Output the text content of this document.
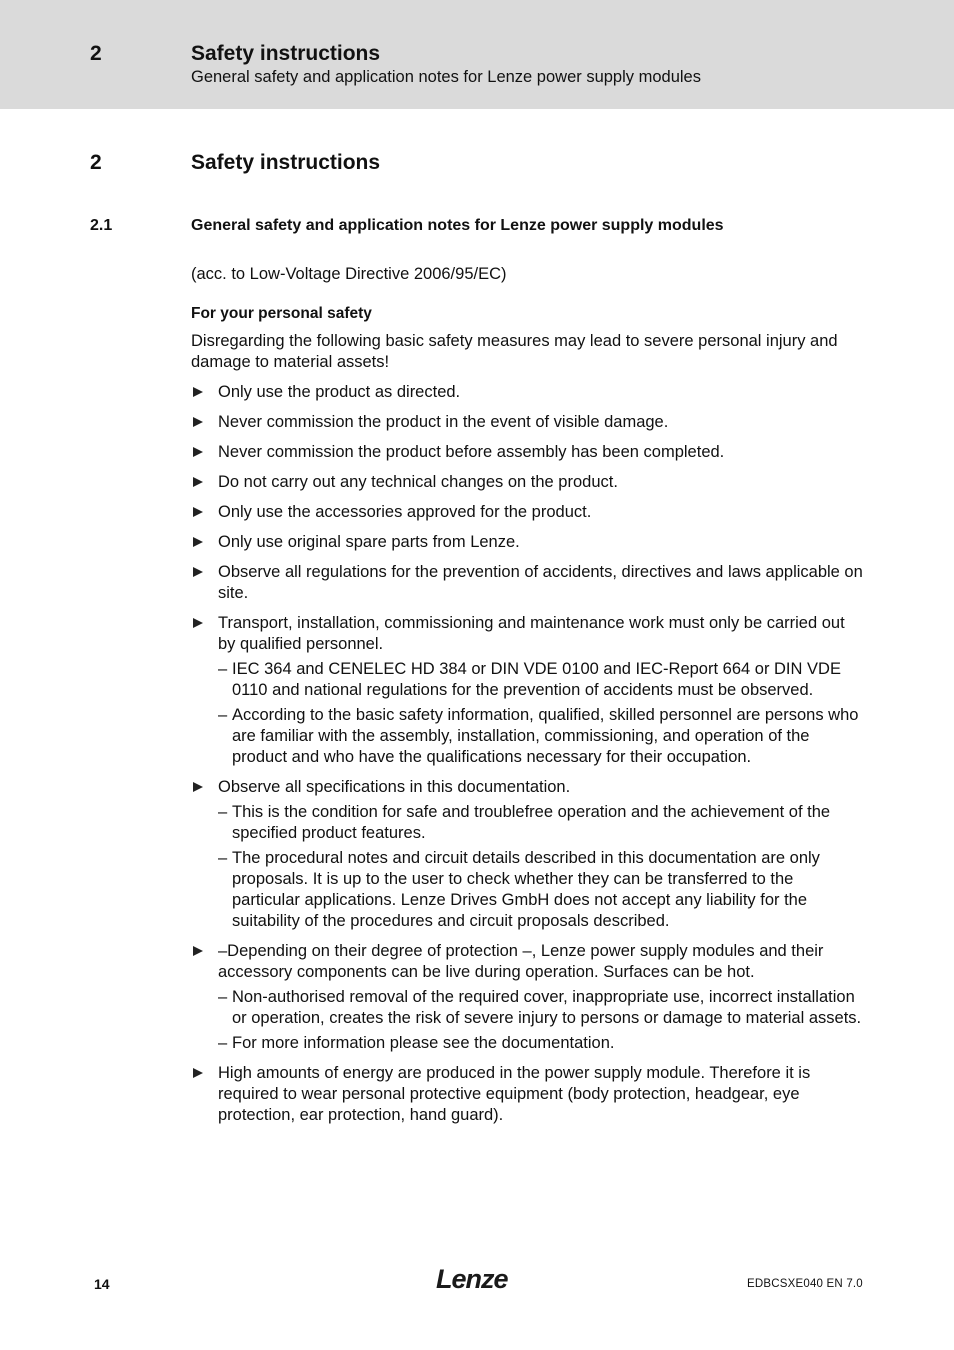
2	Safety instructions
General safety and application notes for Lenze power supply modules
2	Safety instructions
2.1	General safety and application notes for Lenze power supply modules

(acc. to Low-Voltage Directive 2006/95/EC)

For your personal safety

Disregarding the following basic safety measures may lead to severe personal injury and damage to material assets!

Only use the product as directed.
Never commission the product in the event of visible damage.
Never commission the product before assembly has been completed.
Do not carry out any technical changes on the product.
Only use the accessories approved for the product.
Only use original spare parts from Lenze.
Observe all regulations for the prevention of accidents, directives and laws applicable on site.
Transport, installation, commissioning and maintenance work must only be carried out by qualified personnel.
– IEC 364 and CENELEC HD 384 or DIN VDE 0100 and IEC-Report 664 or DIN VDE 0110 and national regulations for the prevention of accidents must be observed.
– According to the basic safety information, qualified, skilled personnel are persons who are familiar with the assembly, installation, commissioning, and operation of the product and who have the qualifications necessary for their occupation.
Observe all specifications in this documentation.
– This is the condition for safe and troublefree operation and the achievement of the specified product features.
– The procedural notes and circuit details described in this documentation are only proposals. It is up to the user to check whether they can be transferred to the particular applications. Lenze Drives GmbH does not accept any liability for the suitability of the procedures and circuit proposals described.
–Depending on their degree of protection –, Lenze power supply modules and their accessory components can be live during operation. Surfaces can be hot.
– Non-authorised removal of the required cover, inappropriate use, incorrect installation or operation, creates the risk of severe injury to persons or damage to material assets.
– For more information please see the documentation.
High amounts of energy are produced in the power supply module. Therefore it is required to wear personal protective equipment (body protection, headgear, eye protection, ear protection, hand guard).
14	Lenze	EDBCSXE040 EN 7.0
